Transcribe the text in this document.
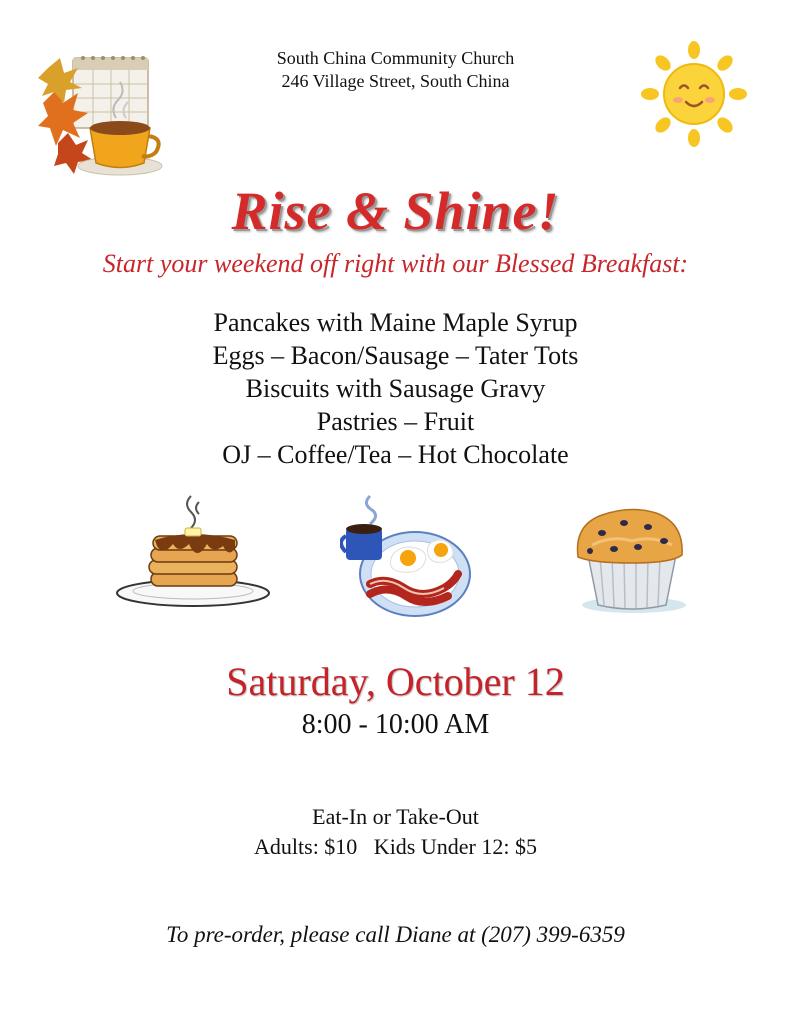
South China Community Church
246 Village Street, South China
Rise & Shine!
Start your weekend off right with our Blessed Breakfast:
Pancakes with Maine Maple Syrup
Eggs – Bacon/Sausage – Tater Tots
Biscuits with Sausage Gravy
Pastries – Fruit
OJ – Coffee/Tea – Hot Chocolate
Saturday, October 12
8:00 - 10:00 AM
Eat-In or Take-Out
Adults: $10   Kids Under 12: $5
To pre-order, please call Diane at (207) 399-6359
